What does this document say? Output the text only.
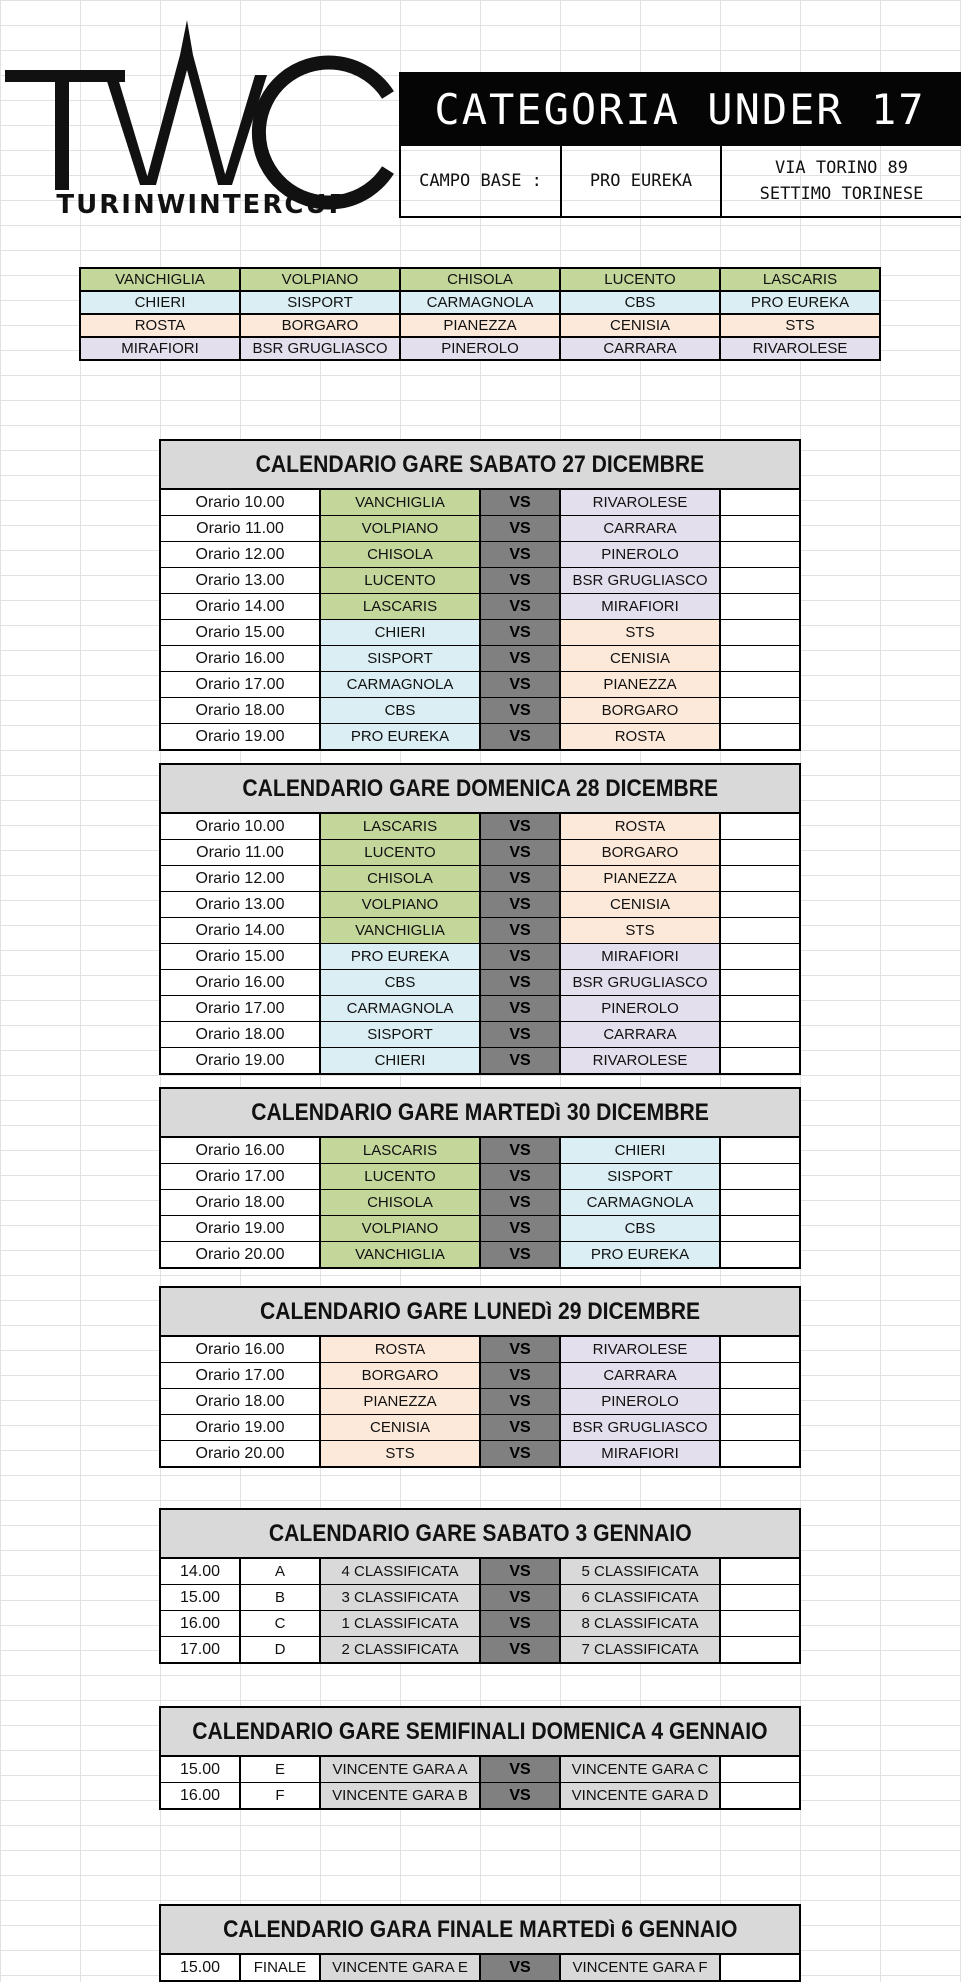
TURINWINTERCUP
CATEGORIA UNDER 17
CAMPO BASE :	PRO EUREKA
VIA TORINO 89
SETTIMO TORINESE
VANCHIGLIA	VOLPIANO	CHISOLA	LUCENTO	LASCARIS
CHIERI	SISPORT	CARMAGNOLA	CBS	PRO EUREKA
ROSTA	BORGARO	PIANEZZA	CENISIA	STS
MIRAFIORI	BSR GRUGLIASCO	PINEROLO	CARRARA	RIVAROLESE
CALENDARIO GARE SABATO 27 DICEMBRE
Orario 10.00	VANCHIGLIA	VS	RIVAROLESE
Orario 11.00	VOLPIANO	VS	CARRARA
Orario 12.00	CHISOLA	VS	PINEROLO
Orario 13.00	LUCENTO	VS	BSR GRUGLIASCO
Orario 14.00	LASCARIS	VS	MIRAFIORI
Orario 15.00	CHIERI	VS	STS
Orario 16.00	SISPORT	VS	CENISIA
Orario 17.00	CARMAGNOLA	VS	PIANEZZA
Orario 18.00	CBS	VS	BORGARO
Orario 19.00	PRO EUREKA	VS	ROSTA
CALENDARIO GARE DOMENICA 28 DICEMBRE
Orario 10.00	LASCARIS	VS	ROSTA
Orario 11.00	LUCENTO	VS	BORGARO
Orario 12.00	CHISOLA	VS	PIANEZZA
Orario 13.00	VOLPIANO	VS	CENISIA
Orario 14.00	VANCHIGLIA	VS	STS
Orario 15.00	PRO EUREKA	VS	MIRAFIORI
Orario 16.00	CBS	VS	BSR GRUGLIASCO
Orario 17.00	CARMAGNOLA	VS	PINEROLO
Orario 18.00	SISPORT	VS	CARRARA
Orario 19.00	CHIERI	VS	RIVAROLESE
CALENDARIO GARE MARTEDì 30 DICEMBRE
Orario 16.00	LASCARIS	VS	CHIERI
Orario 17.00	LUCENTO	VS	SISPORT
Orario 18.00	CHISOLA	VS	CARMAGNOLA
Orario 19.00	VOLPIANO	VS	CBS
Orario 20.00	VANCHIGLIA	VS	PRO EUREKA
CALENDARIO GARE LUNEDì 29 DICEMBRE
Orario 16.00	ROSTA	VS	RIVAROLESE
Orario 17.00	BORGARO	VS	CARRARA
Orario 18.00	PIANEZZA	VS	PINEROLO
Orario 19.00	CENISIA	VS	BSR GRUGLIASCO
Orario 20.00	STS	VS	MIRAFIORI
CALENDARIO GARE SABATO 3 GENNAIO
14.00	A	4 CLASSIFICATA	VS	5 CLASSIFICATA
15.00	B	3 CLASSIFICATA	VS	6 CLASSIFICATA
16.00	C	1 CLASSIFICATA	VS	8 CLASSIFICATA
17.00	D	2 CLASSIFICATA	VS	7 CLASSIFICATA
CALENDARIO GARE SEMIFINALI DOMENICA 4 GENNAIO
15.00	E	VINCENTE GARA A	VS	VINCENTE GARA C
16.00	F	VINCENTE GARA B	VS	VINCENTE GARA D
CALENDARIO GARA FINALE MARTEDì 6 GENNAIO
15.00	FINALE	VINCENTE GARA E	VS	VINCENTE GARA F
